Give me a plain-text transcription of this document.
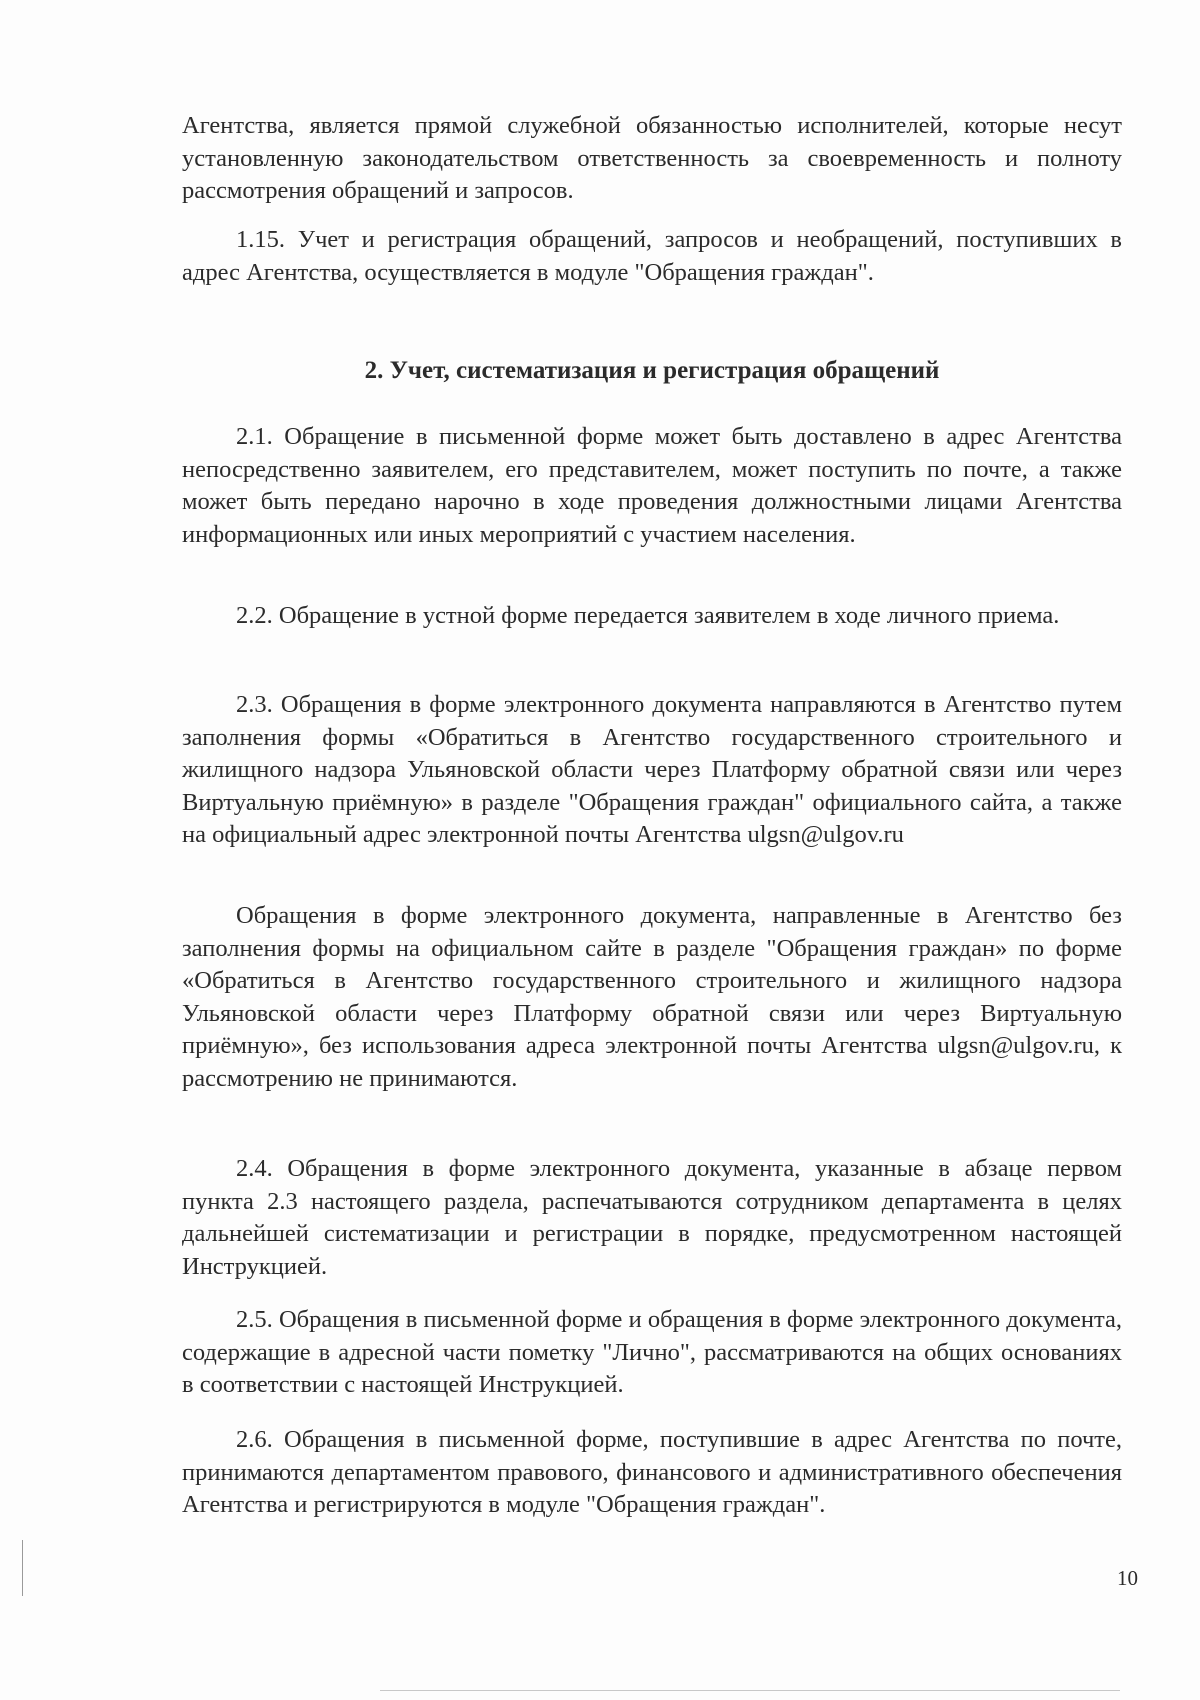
Агентства, является прямой служебной обязанностью исполнителей, которые несут установленную законодательством ответственность за своевременность и полноту рассмотрения обращений и запросов.

1.15. Учет и регистрация обращений, запросов и необращений, поступивших в адрес Агентства, осуществляется в модуле "Обращения граждан".

2. Учет, систематизация и регистрация обращений

2.1. Обращение в письменной форме может быть доставлено в адрес Агентства непосредственно заявителем, его представителем, может поступить по почте, а также может быть передано нарочно в ходе проведения должностными лицами Агентства информационных или иных мероприятий с участием населения.

2.2. Обращение в устной форме передается заявителем в ходе личного приема.

2.3. Обращения в форме электронного документа направляются в Агентство путем заполнения формы «Обратиться в Агентство государственного строительного и жилищного надзора Ульяновской области через Платформу обратной связи или через Виртуальную приёмную» в разделе "Обращения граждан" официального сайта, а также на официальный адрес электронной почты Агентства ulgsn@ulgov.ru

Обращения в форме электронного документа, направленные в Агентство без заполнения формы на официальном сайте в разделе "Обращения граждан» по форме «Обратиться в Агентство государственного строительного и жилищного надзора Ульяновской области через Платформу обратной связи или через Виртуальную приёмную», без использования адреса электронной почты Агентства ulgsn@ulgov.ru, к рассмотрению не принимаются.

2.4. Обращения в форме электронного документа, указанные в абзаце первом пункта 2.3 настоящего раздела, распечатываются сотрудником департамента в целях дальнейшей систематизации и регистрации в порядке, предусмотренном настоящей Инструкцией.

2.5. Обращения в письменной форме и обращения в форме электронного документа, содержащие в адресной части пометку "Лично", рассматриваются на общих основаниях в соответствии с настоящей Инструкцией.

2.6. Обращения в письменной форме, поступившие в адрес Агентства по почте, принимаются департаментом правового, финансового и административного обеспечения Агентства и регистрируются в модуле "Обращения граждан".

10
